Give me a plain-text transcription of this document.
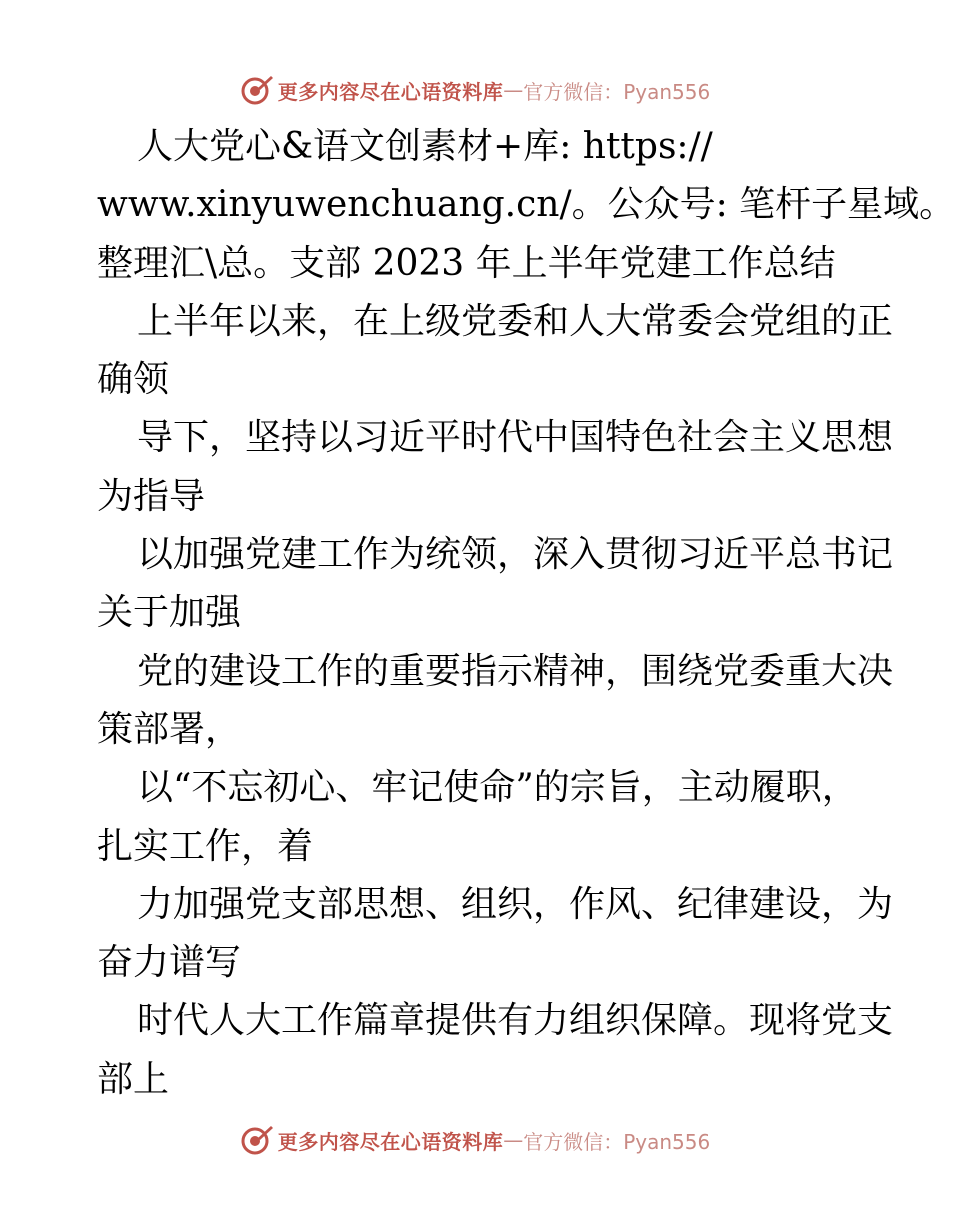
更多内容尽在心语资料库 — 官方微信：Pyan556
人大党心&语文创素材+库: https://
www.xinyuwenchuang.cn/。公众号: 笔杆子星域。
整理汇\总。支部 2023 年上半年党建工作总结
上半年以来，在上级党委和人大常委会党组的正
确领
导下，坚持以习近平时代中国特色社会主义思想
为指导
以加强党建工作为统领，深入贯彻习近平总书记
关于加强
党的建设工作的重要指示精神，围绕党委重大决
策部署，
以“不忘初心、牢记使命”的宗旨，主动履职，
扎实工作，着
力加强党支部思想、组织，作风、纪律建设，为
奋力谱写
时代人大工作篇章提供有力组织保障。现将党支
部上
更多内容尽在心语资料库 — 官方微信：Pyan556
